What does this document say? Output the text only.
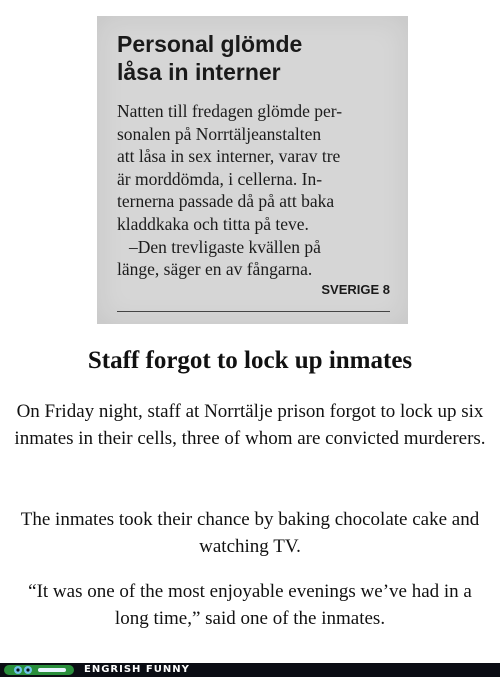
Personal glömde
låsa in interner
Natten till fredagen glömde per-
sonalen på Norrtäljeanstalten
att låsa in sex interner, varav tre
är morddömda, i cellerna. In-
ternerna passade då på att baka
kladdkaka och titta på teve.
–Den trevligaste kvällen på
länge, säger en av fångarna.
SVERIGE 8
Staff forgot to lock up inmates

On Friday night, staff at Norrtälje prison forgot to lock up six inmates in their cells, three of whom are convicted murderers.

The inmates took their chance by baking chocolate cake and watching TV.

“It was one of the most enjoyable evenings we’ve had in a long time,” said one of the inmates.

ENGRISH FUNNY
